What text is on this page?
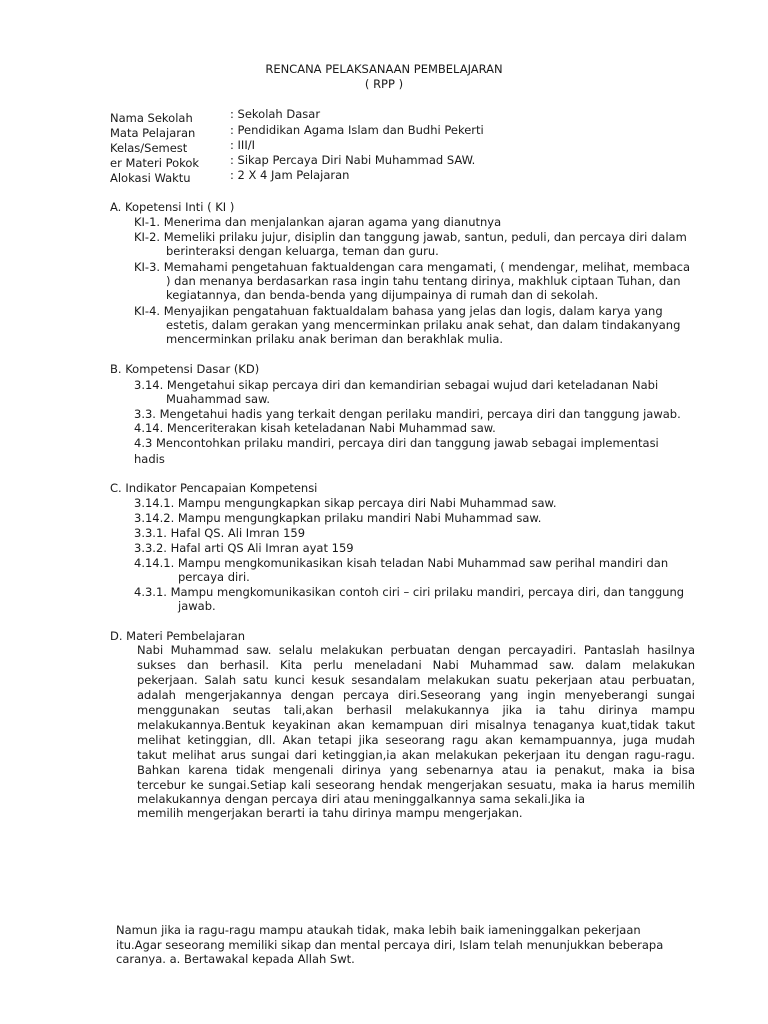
RENCANA PELAKSANAAN PEMBELAJARAN
( RPP )
Nama Sekolah	: Sekolah Dasar
Mata Pelajaran	: Pendidikan Agama Islam dan Budhi Pekerti
Kelas/Semest	: III/I
er Materi Pokok	: Sikap Percaya Diri Nabi Muhammad SAW.
Alokasi Waktu	: 2 X 4 Jam Pelajaran
A. Kopetensi Inti ( KI )
KI-1. Menerima dan menjalankan ajaran agama yang dianutnya
KI-2. Memeliki prilaku jujur, disiplin dan tanggung jawab, santun, peduli, dan percaya diri dalam
berinteraksi dengan keluarga, teman dan guru.
KI-3. Memahami pengetahuan faktualdengan cara mengamati, ( mendengar, melihat, membaca
) dan menanya berdasarkan rasa ingin tahu tentang dirinya, makhluk ciptaan Tuhan, dan
kegiatannya, dan benda-benda yang dijumpainya di rumah dan di sekolah.
KI-4. Menyajikan pengatahuan faktualdalam bahasa yang jelas dan logis, dalam karya yang
estetis, dalam gerakan yang mencerminkan prilaku anak sehat, dan dalam tindakanyang
mencerminkan prilaku anak beriman dan berakhlak mulia.
B. Kompetensi Dasar (KD)
3.14. Mengetahui sikap percaya diri dan kemandirian sebagai wujud dari keteladanan Nabi
Muahammad saw.
3.3. Mengetahui hadis yang terkait dengan perilaku mandiri, percaya diri dan tanggung jawab.
4.14. Menceriterakan kisah keteladanan Nabi Muhammad saw.
4.3 Mencontohkan prilaku mandiri, percaya diri dan tanggung jawab sebagai implementasi
hadis
C. Indikator Pencapaian Kompetensi
3.14.1. Mampu mengungkapkan sikap percaya diri Nabi Muhammad saw.
3.14.2. Mampu mengungkapkan prilaku mandiri Nabi Muhammad saw.
3.3.1. Hafal QS. Ali Imran 159
3.3.2. Hafal arti QS Ali Imran ayat 159
4.14.1. Mampu mengkomunikasikan kisah teladan Nabi Muhammad saw perihal mandiri dan
percaya diri.
4.3.1. Mampu mengkomunikasikan contoh ciri – ciri prilaku mandiri, percaya diri, dan tanggung
jawab.
D. Materi Pembelajaran
Nabi Muhammad saw. selalu melakukan perbuatan dengan percayadiri. Pantaslah hasilnya
sukses dan berhasil. Kita perlu meneladani Nabi Muhammad saw. dalam melakukan
pekerjaan. Salah satu kunci kesuk sesandalam melakukan suatu pekerjaan atau perbuatan,
adalah mengerjakannya dengan percaya diri.Seseorang yang ingin menyeberangi sungai
menggunakan seutas tali,akan berhasil melakukannya jika ia tahu dirinya mampu
melakukannya.Bentuk keyakinan akan kemampuan diri misalnya tenaganya kuat,tidak takut
melihat ketinggian, dll. Akan tetapi jika seseorang ragu akan kemampuannya, juga mudah
takut melihat arus sungai dari ketinggian,ia akan melakukan pekerjaan itu dengan ragu-ragu.
Bahkan karena tidak mengenali dirinya yang sebenarnya atau ia penakut, maka ia bisa
tercebur ke sungai.Setiap kali seseorang hendak mengerjakan sesuatu, maka ia harus memilih
melakukannya dengan percaya diri atau meninggalkannya sama sekali.Jika ia
memilih mengerjakan berarti ia tahu dirinya mampu mengerjakan.
Namun jika ia ragu-ragu mampu ataukah tidak, maka lebih baik iameninggalkan pekerjaan
itu.Agar seseorang memiliki sikap dan mental percaya diri, Islam telah menunjukkan beberapa
caranya. a. Bertawakal kepada Allah Swt.
